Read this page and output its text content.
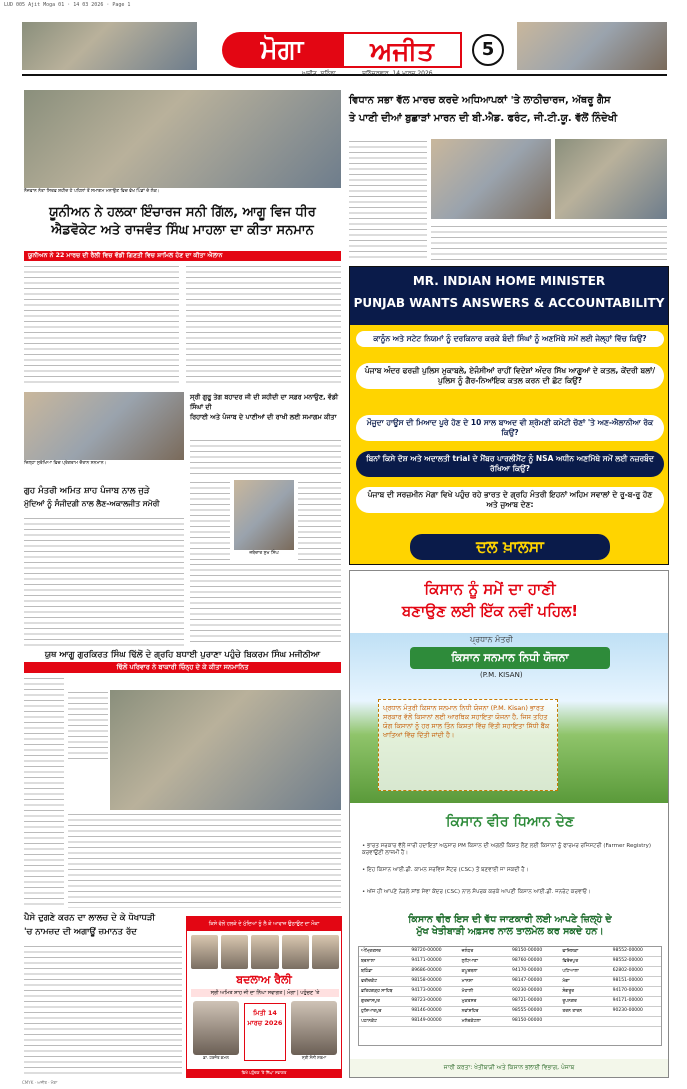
LUD 005 Ajit Moga 01 · 14 03 2026 · Page 1
ਮੋਗਾ	ਅਜੀਤ	5
ਅਜੀਤ, ਬਠਿੰਡਾ	ਸ਼ਨਿੱਚਰਵਾਰ, 14 ਮਾਰਚ 2026
ਨੌਜਵਾਨ ਨੇਤਾ ਸਿਰਫ਼ ਸ਼ਹੀਦ ਹੋ ਪਹਿਲਾਂ ਤੋਂ ਸਮਾਗਮ ਮਨਾਉਣ ਵਿਚ ਵੱਖ ਪਿੰਡਾਂ ਦੇ ਲੋਕ।
ਯੂਨੀਅਨ ਨੇ ਹਲਕਾ ਇੰਚਾਰਜ ਸਨੀ ਗਿੱਲ, ਆਗੂ ਵਿਜ ਧੀਰ
ਐਡਵੋਕੇਟ ਅਤੇ ਰਾਜਵੰਤ ਸਿੰਘ ਮਾਹਲਾ ਦਾ ਕੀਤਾ ਸਨਮਾਨ
ਯੂਨੀਅਨ ਨੇ 22 ਮਾਰਚ ਦੀ ਰੈਲੀ ਵਿਚ ਵੱਡੀ ਗਿਣਤੀ ਵਿਚ ਸ਼ਾਮਿਲ ਹੋਣ ਦਾ ਕੀਤਾ ਐਲਾਨ
ਵਿਧਾਨ ਸਭਾ ਵੱਲ ਮਾਰਚ ਕਰਦੇ ਅਧਿਆਪਕਾਂ 'ਤੇ ਲਾਠੀਚਾਰਜ, ਅੱਥਰੂ ਗੈਸ
ਤੇ ਪਾਣੀ ਦੀਆਂ ਬੁਛਾੜਾਂ ਮਾਰਨ ਦੀ ਬੀ.ਐਡ. ਫਰੰਟ, ਜੀ.ਟੀ.ਯੂ. ਵੱਲੋਂ ਨਿੰਦੇਖੀ
ਜ਼ਿਲ੍ਹਾ ਸੁਰੱਖਿਆ ਵਿਚ ਪ੍ਰੋਗਰਾਮ ਦੌਰਾਨ ਸਨਮਾਨ।
ਗੁਹ ਮੰਤਰੀ ਅਮਿਤ ਸ਼ਾਹ ਪੰਜਾਬ ਨਾਲ ਜੁੜੇ
ਮੁੱਦਿਆਂ ਨੂੰ ਸੰਜੀਦਗੀ ਨਾਲ ਲੈਣ-ਅਕਾਲਜੀਤ ਸਮੋਰੀ
ਸ੍ਰੀ ਗੁਰੂ ਤੇਗ ਬਹਾਦਰ ਜੀ ਦੀ ਸ਼ਹੀਦੀ ਦਾ ਸਫ਼ਰ ਮਨਾਉਣ, ਵੱਡੀ ਸਿੰਘਾਂ ਦੀ
ਰਿਹਾਈ ਅਤੇ ਪੰਜਾਬ ਦੇ ਪਾਣੀਆਂ ਦੀ ਰਾਖੀ ਲਈ ਸਮਾਗਮ ਕੀਤਾ
ਜਥੇਦਾਰ ਸੁਖ ਸਿੰਘ
ਯੁਥ ਆਗੂ ਗੁਰਕਿਰਤ ਸਿੰਘ ਢਿੱਲੋਂ ਦੇ ਗ੍ਰਹਿ ਬਧਾਈ ਪੁਰਾਣਾ ਪਹੁੰਚੇ ਬਿਕਰਮ ਸਿੰਘ ਮਜੀਠੀਆ
ਢਿੱਲੋਂ ਪਰਿਵਾਰ ਨੇ ਬਾਕਾਰੀ ਚਿੰਨ੍ਹ ਦੇ ਕੇ ਕੀਤਾ ਸਨਮਾਨਿਤ
ਪੈਸੇ ਦੁਗਣੇ ਕਰਨ ਦਾ ਲਾਲਚ ਦੇ ਕੇ ਧੋਖਾਧੜੀ
'ਚ ਨਾਮਜ਼ਦ ਦੀ ਅਗਾਊਂ ਜ਼ਮਾਨਤ ਰੱਦ
MR. INDIAN HOME MINISTER
PUNJAB WANTS ANSWERS & ACCOUNTABILITY
ਕਾਨੂੰਨ ਅਤੇ ਸਟੇਟ ਨਿਯਮਾਂ ਨੂੰ ਦਰਕਿਨਾਰ ਕਰਕੇ ਬੰਦੀ ਸਿੰਘਾਂ ਨੂੰ ਅਣਮਿੱਥੇ ਸਮੇਂ ਲਈ ਜੇਲ੍ਹਾਂ ਵਿੱਚ ਕਿਉਂ?
ਪੰਜਾਬ ਅੰਦਰ ਫਰਜ਼ੀ ਪੁਲਿਸ ਮੁਕਾਬਲੇ, ਏਜੰਸੀਆਂ ਰਾਹੀਂ ਵਿਦੇਸ਼ਾਂ ਅੰਦਰ ਸਿੱਖ ਆਗੂਆਂ ਦੇ ਕਤਲ, ਕੇਂਦਰੀ ਬਲਾਂ/ਪੁਲਿਸ ਨੂੰ ਗੈਰ-ਨਿਆਂਇਕ ਕਤਲ ਕਰਨ ਦੀ ਛੋਟ ਕਿਉਂ?
ਮੌਜੂਦਾ ਹਾਊਸ ਦੀ ਮਿਆਦ ਪੂਰੇ ਹੋਣ ਦੇ 10 ਸਾਲ ਬਾਅਦ ਵੀ ਸ਼੍ਰੋਮਣੀ ਕਮੇਟੀ ਚੋਣਾਂ 'ਤੇ ਅਣ-ਐਲਾਨੀਆ ਰੋਕ ਕਿਉਂ?
ਬਿਨਾਂ ਕਿਸੇ ਦੋਸ਼ ਅਤੇ ਅਦਾਲਤੀ trial ਦੇ ਮੈਂਬਰ ਪਾਰਲੀਮੈਂਟ ਨੂੰ NSA ਅਧੀਨ ਅਣਮਿੱਥੇ ਸਮੇਂ ਲਈ ਨਜ਼ਰਬੰਦ ਰੱਖਿਆ ਕਿਉਂ?
ਪੰਜਾਬ ਦੀ ਸਰਜ਼ਮੀਨ ਮੋਗਾ ਵਿਖੇ ਪਹੁੰਚ ਰਹੇ ਭਾਰਤ ਦੇ ਗ੍ਰਹਿ ਮੰਤਰੀ ਇਹਨਾਂ ਅਹਿਮ ਸਵਾਲਾਂ ਦੇ ਰੂ-ਬ-ਰੂ ਹੋਣ ਅਤੇ ਜੁਆਬ ਦੇਣ:
ਦਲ ਖ਼ਾਲਸਾ
ਕਿਸਾਨ ਨੂੰ ਸਮੇਂ ਦਾ ਹਾਣੀ
ਬਣਾਉਣ ਲਈ ਇੱਕ ਨਵੀਂ ਪਹਿਲ!
ਪ੍ਰਧਾਨ ਮੰਤਰੀ
ਕਿਸਾਨ ਸਨਮਾਨ ਨਿਧੀ ਯੋਜਨਾ
(P.M. KISAN)
ਪ੍ਰਧਾਨ ਮੰਤਰੀ ਕਿਸਾਨ ਸਨਮਾਨ ਨਿਧੀ ਯੋਜਨਾ (P.M. Kisan) ਭਾਰਤ ਸਰਕਾਰ ਵੱਲੋਂ ਕਿਸਾਨਾਂ ਲਈ ਆਰਥਿਕ ਸਹਾਇਤਾ ਯੋਜਨਾ ਹੈ, ਜਿਸ ਤਹਿਤ ਯੋਗ ਕਿਸਾਨਾਂ ਨੂੰ ਹਰ ਸਾਲ ਤਿੰਨ ਕਿਸ਼ਤਾਂ ਵਿੱਚ ਵਿੱਤੀ ਸਹਾਇਤਾ ਸਿੱਧੀ ਬੈਂਕ ਖਾਤਿਆਂ ਵਿੱਚ ਦਿੱਤੀ ਜਾਂਦੀ ਹੈ।
ਕਿਸਾਨ ਵੀਰ ਧਿਆਨ ਦੇਣ
• ਭਾਰਤ ਸਰਕਾਰ ਵੱਲੋਂ ਜਾਰੀ ਹਦਾਇਤਾਂ ਅਨੁਸਾਰ PM ਕਿਸਾਨ ਦੀ ਅਗਲੀ ਕਿਸ਼ਤ ਲੈਣ ਲਈ ਕਿਸਾਨਾਂ ਨੂੰ ਫਾਰਮਰ ਰਜਿਸਟਰੀ (Farmer Registry) ਕਰਵਾਉਣੀ ਲਾਜ਼ਮੀ ਹੈ।
• ਇਹ ਕਿਸਾਨ ਆਈ.ਡੀ. ਕਾਮਨ ਸਰਵਿਸ ਸੈਂਟਰ (CSC) ਤੋਂ ਬਣਵਾਈ ਜਾ ਸਕਦੀ ਹੈ।
• ਅੱਜ ਹੀ ਆਪਣੇ ਨੇੜਲੇ ਸਾਂਝ ਸੇਵਾ ਕੇਂਦਰ (CSC) ਨਾਲ ਸੰਪਰਕ ਕਰਕੇ ਆਪਣੀ ਕਿਸਾਨ ਆਈ.ਡੀ. ਜਨਰੇਟ ਕਰਵਾਓ।
ਕਿਸਾਨ ਵੀਰ ਇਸ ਦੀ ਵੱਧ ਜਾਣਕਾਰੀ ਲਈ ਆਪਣੇ ਜ਼ਿਲ੍ਹੇ ਦੇ
ਮੁੱਖ ਖੇਤੀਬਾੜੀ ਅਫ਼ਸਰ ਨਾਲ ਤਾਲਮੇਲ ਕਰ ਸਕਦੇ ਹਨ।
ਅੰਮ੍ਰਿਤਸਰ	98720-00000	ਜਲੰਧਰ	98150-00000	ਫਾਜ਼ਿਲਕਾ	98552-00000
ਬਰਨਾਲਾ	94171-00000	ਲੁਧਿਆਣਾ	98760-00000	ਫਿਰੋਜ਼ਪੁਰ	98552-00000
ਬਠਿੰਡਾ	89686-00000	ਕਪੂਰਥਲਾ	94170-00000	ਪਟਿਆਲਾ	62802-00000
ਫਰੀਦਕੋਟ	98158-00000	ਮਾਨਸਾ	98147-00000	ਮੋਗਾ	98151-00000
ਫ਼ਤਿਹਗੜ੍ਹ ਸਾਹਿਬ	94173-00000	ਮੋਹਾਲੀ	90230-00000	ਸੰਗਰੂਰ	94170-00000
ਗੁਰਦਾਸਪੁਰ	98723-00000	ਮੁਕਤਸਰ	98721-00000	ਰੂਪਨਗਰ	94171-00000
ਹੁਸ਼ਿਆਰਪੁਰ	98146-00000	ਨਵਾਂਸ਼ਹਿਰ	98555-00000	ਤਰਨ ਤਾਰਨ	90230-00000
ਪਠਾਨਕੋਟ	98149-00000	ਮਲੇਰਕੋਟਲਾ	98150-00000
ਜਾਰੀ ਕਰਤਾ: ਖੇਤੀਬਾੜੀ ਅਤੇ ਕਿਸਾਨ ਭਲਾਈ ਵਿਭਾਗ, ਪੰਜਾਬ
ਕਿਸੇ ਵੱਲੋਂ ਹਲਕੇ ਦੇ ਮੁੱਦਿਆਂ ਨੂੰ ਲੈ ਕੇ ਆਵਾਜ਼ ਉਠਾਉਣ ਦਾ ਮੌਕਾ
ਬਦਲਾਅ ਰੈਲੀ
ਸ੍ਰੀ ਅਮਿਤ ਸ਼ਾਹ ਜੀ ਦਾ ਨਿੱਘਾ ਸਵਾਗਤ | ਮੋਗਾ | ਪਹੁੰਚਣ 'ਤੇ
ਮਿਤੀ 14 ਮਾਰਚ 2026
ਡਾ. ਹਰਜੋਤ ਕਮਲ	ਸ੍ਰੀ ਸੋਨੀ ਸ਼ਰਮਾ
ਵਿਖੇ ਪਹੁੰਚਣ 'ਤੇ ਨਿੱਘਾ ਸਵਾਗਤ
CMYK · ਅਜੀਤ · ਮੋਗਾ
